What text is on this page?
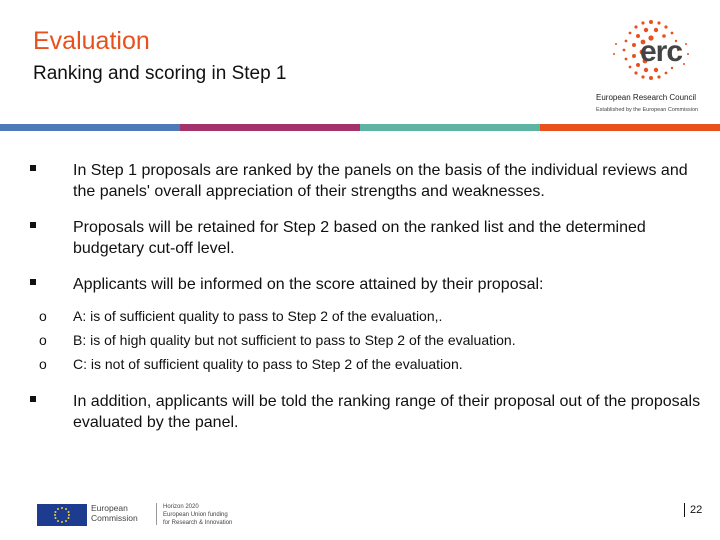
Evaluation
Ranking and scoring in Step 1
erc
European Research Council
Established by the European Commission
In Step 1 proposals are ranked by the panels on the basis of the individual reviews and the panels' overall appreciation of their strengths and weaknesses.
Proposals will be retained for Step 2 based on the ranked list and the determined budgetary cut-off level.
Applicants will be informed on the score attained by their proposal:
o A: is of sufficient quality to pass to Step 2 of the evaluation,.
o B: is of high quality but not sufficient to pass to Step 2 of the evaluation.
o C: is not of sufficient quality to pass to Step 2 of the evaluation.
In addition, applicants will be told the ranking range of their proposal out of the proposals evaluated by the panel.
European
Commission
Horizon 2020
European Union funding
for Research & Innovation
22
